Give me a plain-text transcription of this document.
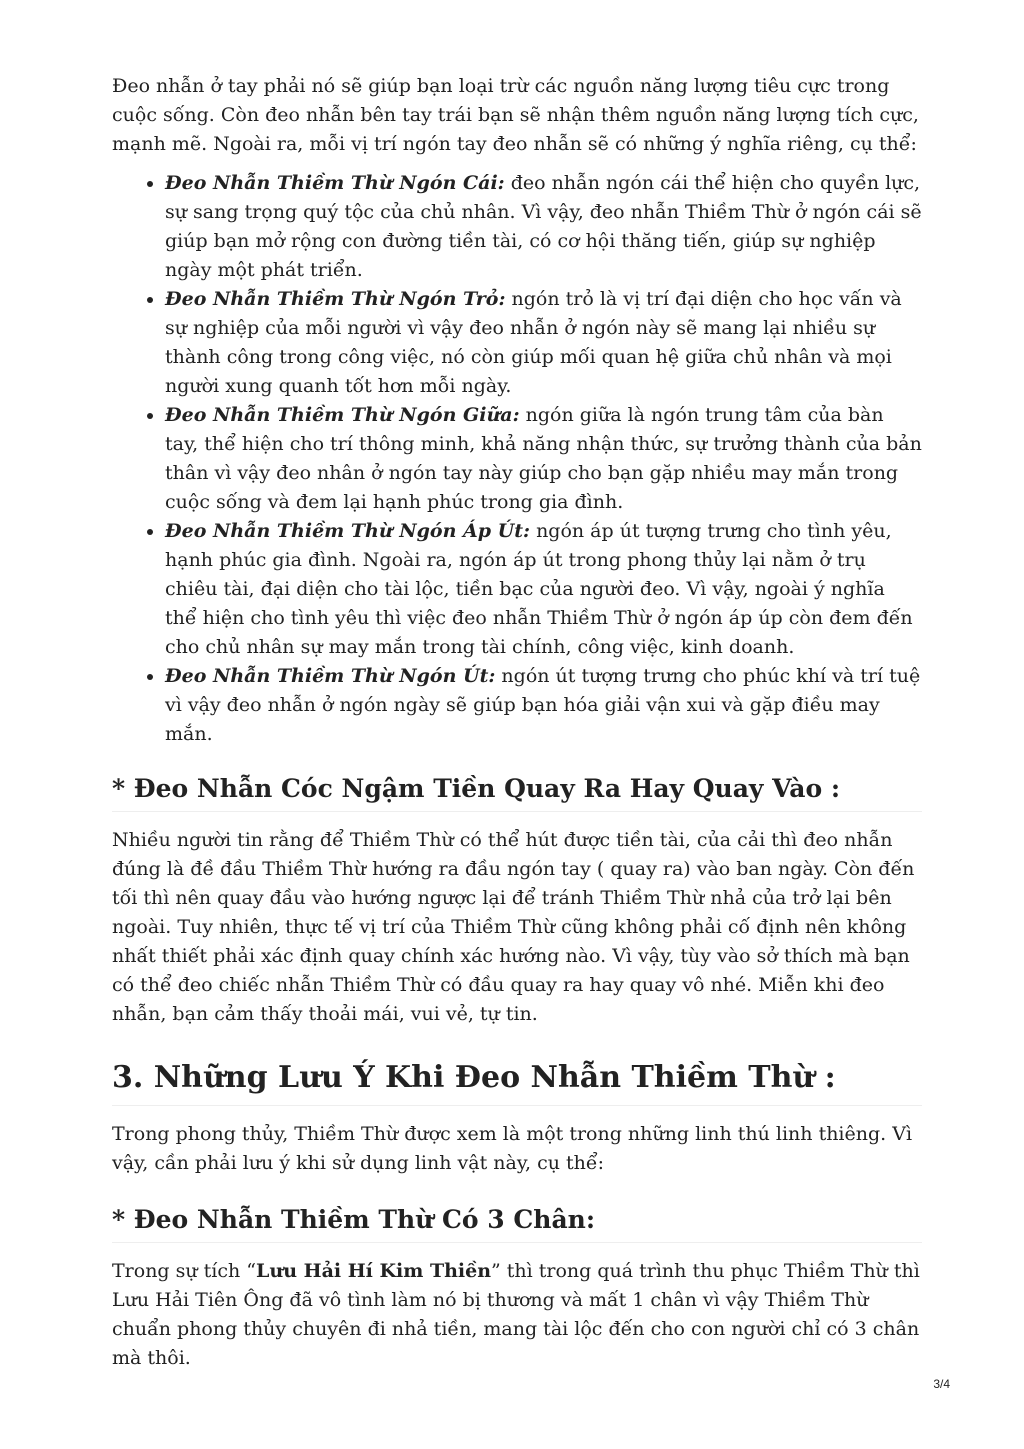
Đeo nhẫn ở tay phải nó sẽ giúp bạn loại trừ các nguồn năng lượng tiêu cực trong cuộc sống. Còn đeo nhẫn bên tay trái bạn sẽ nhận thêm nguồn năng lượng tích cực, mạnh mẽ. Ngoài ra, mỗi vị trí ngón tay đeo nhẫn sẽ có những ý nghĩa riêng, cụ thể:

• Đeo Nhẫn Thiềm Thừ Ngón Cái: đeo nhẫn ngón cái thể hiện cho quyền lực, sự sang trọng quý tộc của chủ nhân. Vì vậy, đeo nhẫn Thiềm Thừ ở ngón cái sẽ giúp bạn mở rộng con đường tiền tài, có cơ hội thăng tiến, giúp sự nghiệp ngày một phát triển.
• Đeo Nhẫn Thiềm Thừ Ngón Trỏ: ngón trỏ là vị trí đại diện cho học vấn và sự nghiệp của mỗi người vì vậy đeo nhẫn ở ngón này sẽ mang lại nhiều sự thành công trong công việc, nó còn giúp mối quan hệ giữa chủ nhân và mọi người xung quanh tốt hơn mỗi ngày.
• Đeo Nhẫn Thiềm Thừ Ngón Giữa: ngón giữa là ngón trung tâm của bàn tay, thể hiện cho trí thông minh, khả năng nhận thức, sự trưởng thành của bản thân vì vậy đeo nhân ở ngón tay này giúp cho bạn gặp nhiều may mắn trong cuộc sống và đem lại hạnh phúc trong gia đình.
• Đeo Nhẫn Thiềm Thừ Ngón Áp Út: ngón áp út tượng trưng cho tình yêu, hạnh phúc gia đình. Ngoài ra, ngón áp út trong phong thủy lại nằm ở trụ chiêu tài, đại diện cho tài lộc, tiền bạc của người đeo. Vì vậy, ngoài ý nghĩa thể hiện cho tình yêu thì việc đeo nhẫn Thiềm Thừ ở ngón áp úp còn đem đến cho chủ nhân sự may mắn trong tài chính, công việc, kinh doanh.
• Đeo Nhẫn Thiềm Thừ Ngón Út: ngón út tượng trưng cho phúc khí và trí tuệ vì vậy đeo nhẫn ở ngón ngày sẽ giúp bạn hóa giải vận xui và gặp điều may mắn.
* Đeo Nhẫn Cóc Ngậm Tiền Quay Ra Hay Quay Vào :

Nhiều người tin rằng để Thiềm Thừ có thể hút được tiền tài, của cải thì đeo nhẫn đúng là đề đầu Thiềm Thừ hướng ra đầu ngón tay ( quay ra) vào ban ngày. Còn đến tối thì nên quay đầu vào hướng ngược lại để tránh Thiềm Thừ nhả của trở lại bên ngoài. Tuy nhiên, thực tế vị trí của Thiềm Thừ cũng không phải cố định nên không nhất thiết phải xác định quay chính xác hướng nào. Vì vậy, tùy vào sở thích mà bạn có thể đeo chiếc nhẫn Thiềm Thừ có đầu quay ra hay quay vô nhé. Miễn khi đeo nhẫn, bạn cảm thấy thoải mái, vui vẻ, tự tin.

3. Những Lưu Ý Khi Đeo Nhẫn Thiềm Thừ :

Trong phong thủy, Thiềm Thừ được xem là một trong những linh thú linh thiêng. Vì vậy, cần phải lưu ý khi sử dụng linh vật này, cụ thể:

* Đeo Nhẫn Thiềm Thừ Có 3 Chân:

Trong sự tích “Lưu Hải Hí Kim Thiền” thì trong quá trình thu phục Thiềm Thừ thì Lưu Hải Tiên Ông đã vô tình làm nó bị thương và mất 1 chân vì vậy Thiềm Thừ chuẩn phong thủy chuyên đi nhả tiền, mang tài lộc đến cho con người chỉ có 3 chân mà thôi.

3/4
